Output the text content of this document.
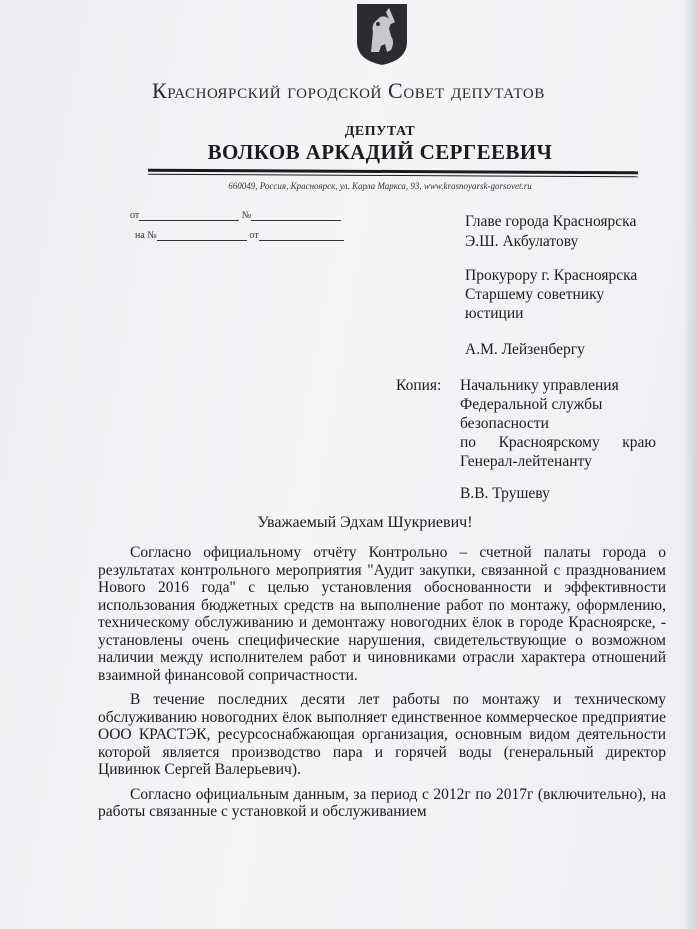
Красноярский городской Совет депутатов
ДЕПУТАТ
ВОЛКОВ АРКАДИЙ СЕРГЕЕВИЧ
660049, Россия, Красноярск, ул. Карла Маркса, 93, www.krasnoyarsk-gorsovet.ru
от	№
на №	от
Главе города Красноярска
Э.Ш. Акбулатову
Прокурору г. Красноярска
Старшему советнику
юстиции
А.М. Лейзенбергу
Копия: Начальнику управления
Федеральной службы
безопасности
по Красноярскому краю
Генерал-лейтенанту
В.В. Трушеву
Уважаемый Эдхам Шукриевич!

Согласно официальному отчёту Контрольно – счетной палаты города о результатах контрольного мероприятия "Аудит закупки, связанной с празднованием Нового 2016 года" с целью установления обоснованности и эффективности использования бюджетных средств на выполнение работ по монтажу, оформлению, техническому обслуживанию и демонтажу новогодних ёлок в городе Красноярске, - установлены очень специфические нарушения, свидетельствующие о возможном наличии между исполнителем работ и чиновниками отрасли характера отношений взаимной финансовой сопричастности.

В течение последних десяти лет работы по монтажу и техническому обслуживанию новогодних ёлок выполняет единственное коммерческое предприятие ООО КРАСТЭК, ресурсоснабжающая организация, основным видом деятельности которой является производство пара и горячей воды (генеральный директор Цивинюк Сергей Валерьевич).

Согласно официальным данным, за период с 2012г по 2017г (включительно), на работы связанные с установкой и обслуживанием
